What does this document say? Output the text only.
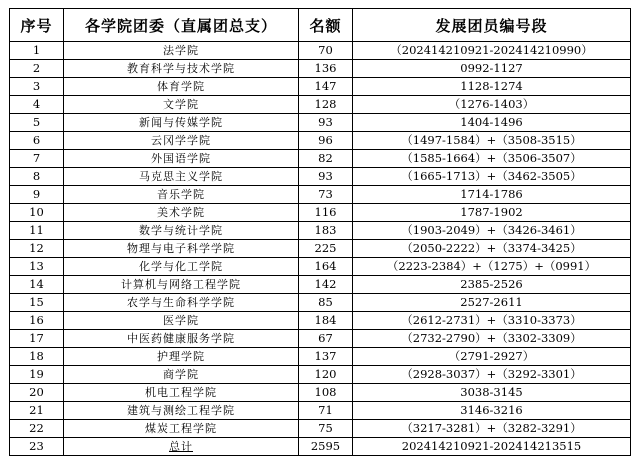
序号	各学院团委（直属团总支）	名额	发展团员编号段
1	法学院	70	（202414210921-202414210990）
2	教育科学与技术学院	136	0992-1127
3	体育学院	147	1128-1274
4	文学院	128	（1276-1403）
5	新闻与传媒学院	93	1404-1496
6	云冈学学院	96	（1497-1584）+（3508-3515）
7	外国语学院	82	（1585-1664）+（3506-3507）
8	马克思主义学院	93	（1665-1713）+（3462-3505）
9	音乐学院	73	1714-1786
10	美术学院	116	1787-1902
11	数学与统计学院	183	（1903-2049）+（3426-3461）
12	物理与电子科学学院	225	（2050-2222）+（3374-3425）
13	化学与化工学院	164	（2223-2384）+（1275）+（0991）
14	计算机与网络工程学院	142	2385-2526
15	农学与生命科学学院	85	2527-2611
16	医学院	184	（2612-2731）+（3310-3373）
17	中医药健康服务学院	67	（2732-2790）+（3302-3309）
18	护理学院	137	（2791-2927）
19	商学院	120	（2928-3037）+（3292-3301）
20	机电工程学院	108	3038-3145
21	建筑与测绘工程学院	71	3146-3216
22	煤炭工程学院	75	（3217-3281）+（3282-3291）
23	总计	2595	202414210921-202414213515
